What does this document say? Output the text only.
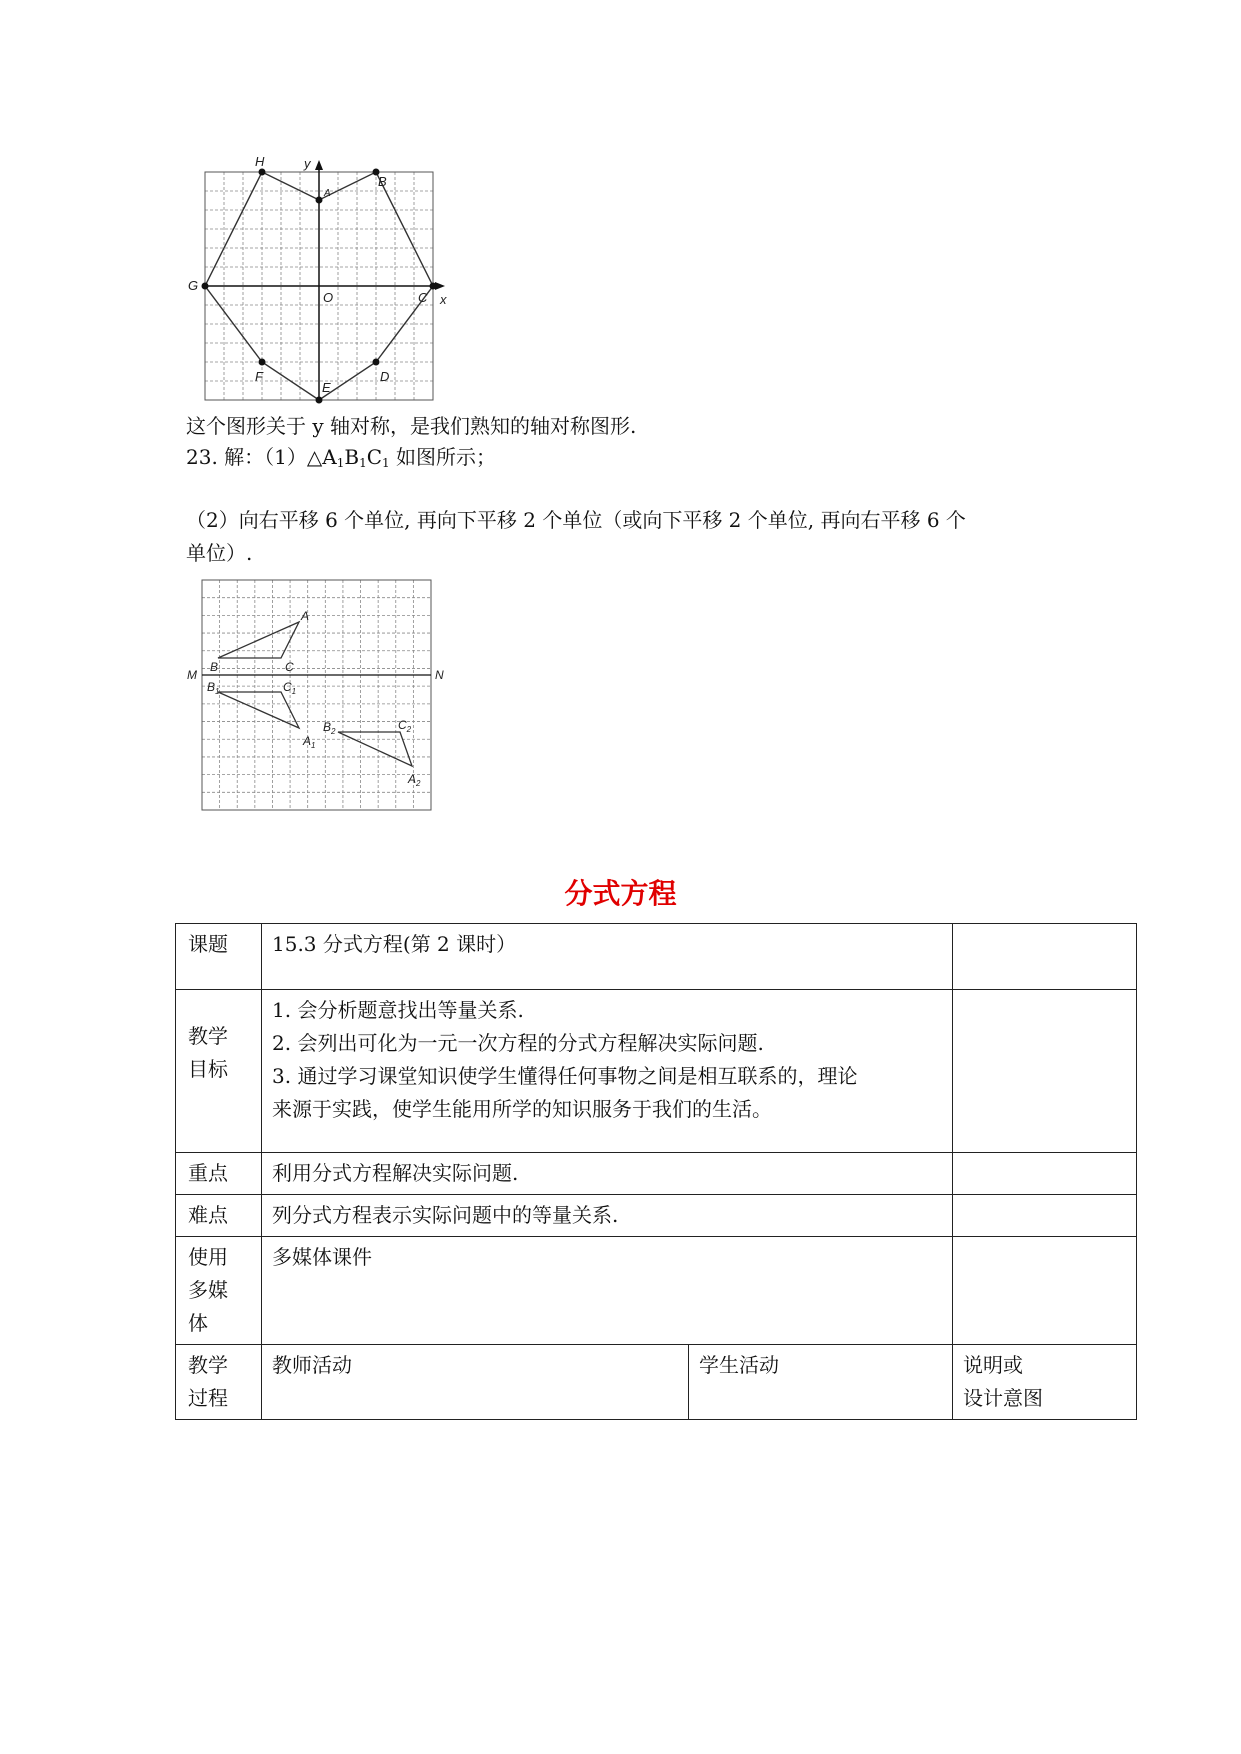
H	y
A
B
G
O	C x
F
E
D
这个图形关于 y 轴对称，是我们熟知的轴对称图形.
23. 解：$(1)\triangle A_1B_1C_1$ 如图所示；
（2）向右平移 6 个单位, 再向下平移 2 个单位（或向下平移 2 个单位, 再向右平移 6 个
单位）.
M	N
A
B	C
$B_1$	$C_1$
$A_1$
$B_2$	$C_2$
$A_2$
分式方程
课题	15.3 分式方程(第 2 课时）		

教学
目标	1. 会分析题意找出等量关系.
2. 会列出可化为一元一次方程的分式方程解决实际问题.
3. 通过学习课堂知识使学生懂得任何事物之间是相互联系的，理论
来源于实践，使学生能用所学的知识服务于我们的生活。		

重点	利用分式方程解决实际问题.		
难点	列分式方程表示实际问题中的等量关系.		

使用
多媒
体	多媒体课件		

教学
过程	教师活动	学生活动	说明或
设计意图
